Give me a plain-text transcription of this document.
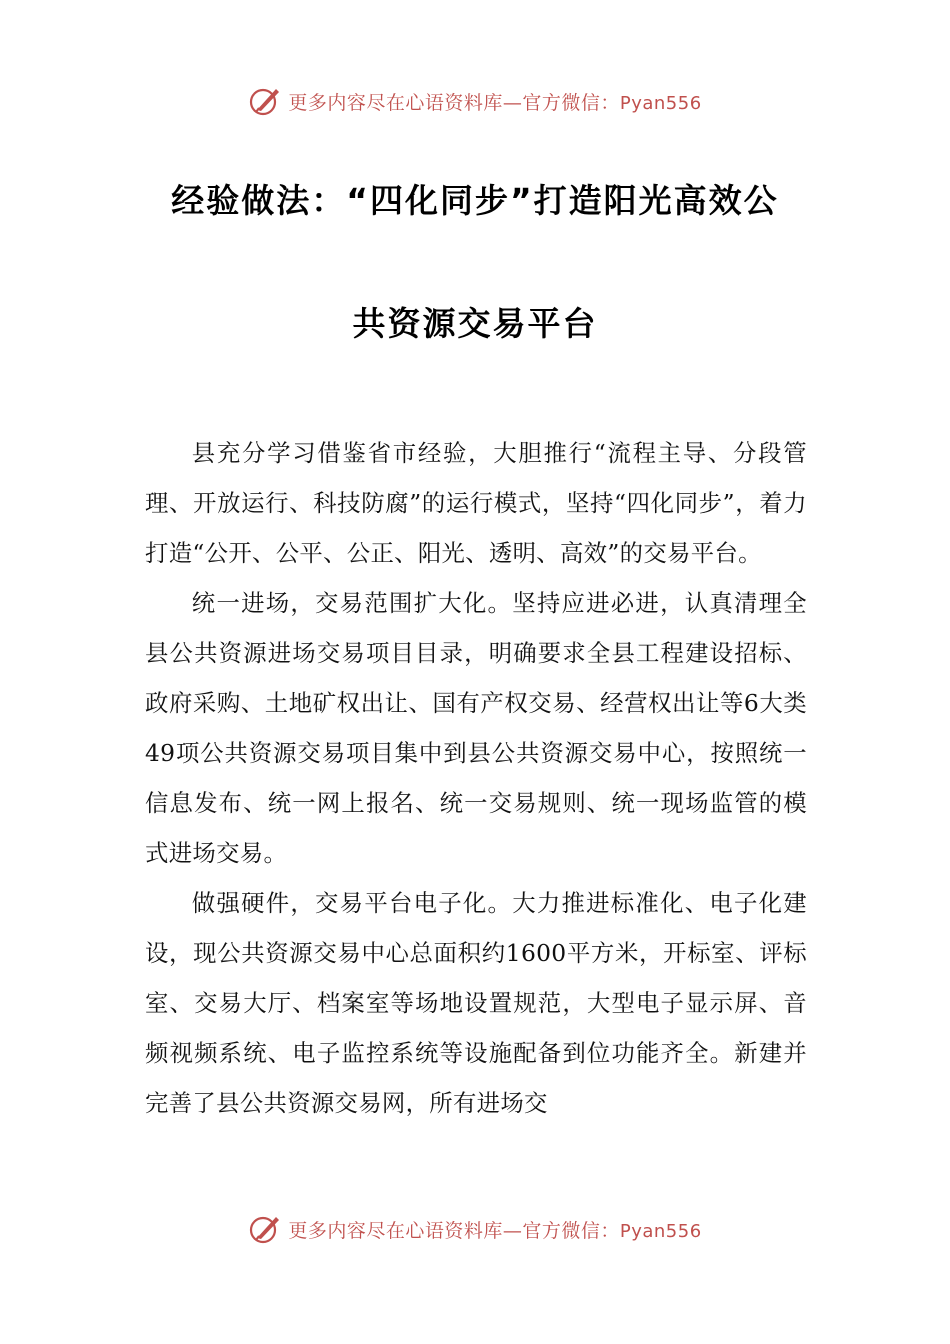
更多内容尽在心语资料库—官方微信：Pyan556
经验做法：“四化同步”打造阳光高效公
共资源交易平台

县充分学习借鉴省市经验，大胆推行“流程主导、分段管理、开放运行、科技防腐”的运行模式，坚持“四化同步”，着力打造“公开、公平、公正、阳光、透明、高效”的交易平台。

统一进场，交易范围扩大化。坚持应进必进，认真清理全县公共资源进场交易项目目录，明确要求全县工程建设招标、政府采购、土地矿权出让、国有产权交易、经营权出让等6大类49项公共资源交易项目集中到县公共资源交易中心，按照统一信息发布、统一网上报名、统一交易规则、统一现场监管的模式进场交易。

做强硬件，交易平台电子化。大力推进标准化、电子化建设，现公共资源交易中心总面积约1600平方米，开标室、评标室、交易大厅、档案室等场地设置规范，大型电子显示屏、音频视频系统、电子监控系统等设施配备到位功能齐全。新建并完善了县公共资源交易网，所有进场交

更多内容尽在心语资料库—官方微信：Pyan556
